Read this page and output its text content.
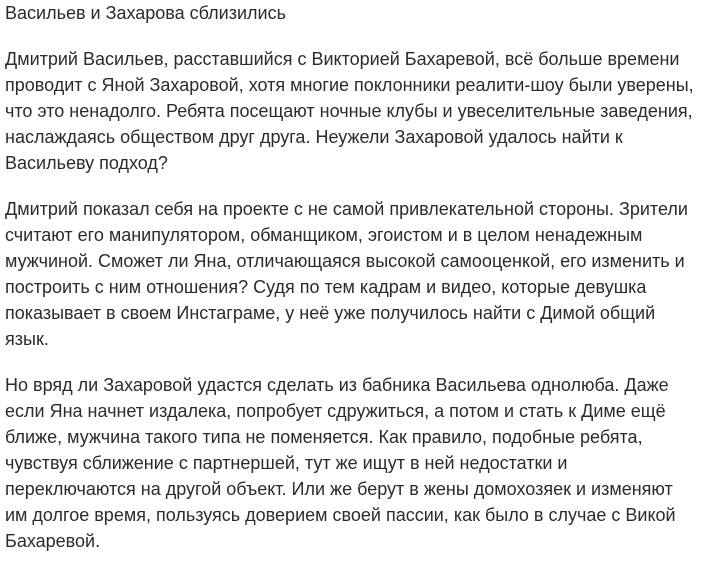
Васильев и Захарова сблизились
Дмитрий Васильев, расставшийся с Викторией Бахаревой, всё больше времени
проводит с Яной Захаровой, хотя многие поклонники реалити-шоу были уверены,
что это ненадолго. Ребята посещают ночные клубы и увеселительные заведения,
наслаждаясь обществом друг друга. Неужели Захаровой удалось найти к
Васильеву подход?
Дмитрий показал себя на проекте с не самой привлекательной стороны. Зрители
считают его манипулятором, обманщиком, эгоистом и в целом ненадежным
мужчиной. Сможет ли Яна, отличающаяся высокой самооценкой, его изменить и
построить с ним отношения? Судя по тем кадрам и видео, которые девушка
показывает в своем Инстаграме, у неё уже получилось найти с Димой общий
язык.
Но вряд ли Захаровой удастся сделать из бабника Васильева однолюба. Даже
если Яна начнет издалека, попробует сдружиться, а потом и стать к Диме ещё
ближе, мужчина такого типа не поменяется. Как правило, подобные ребята,
чувствуя сближение с партнершей, тут же ищут в ней недостатки и
переключаются на другой объект. Или же берут в жены домохозяек и изменяют
им долгое время, пользуясь доверием своей пассии, как было в случае с Викой
Бахаревой.
